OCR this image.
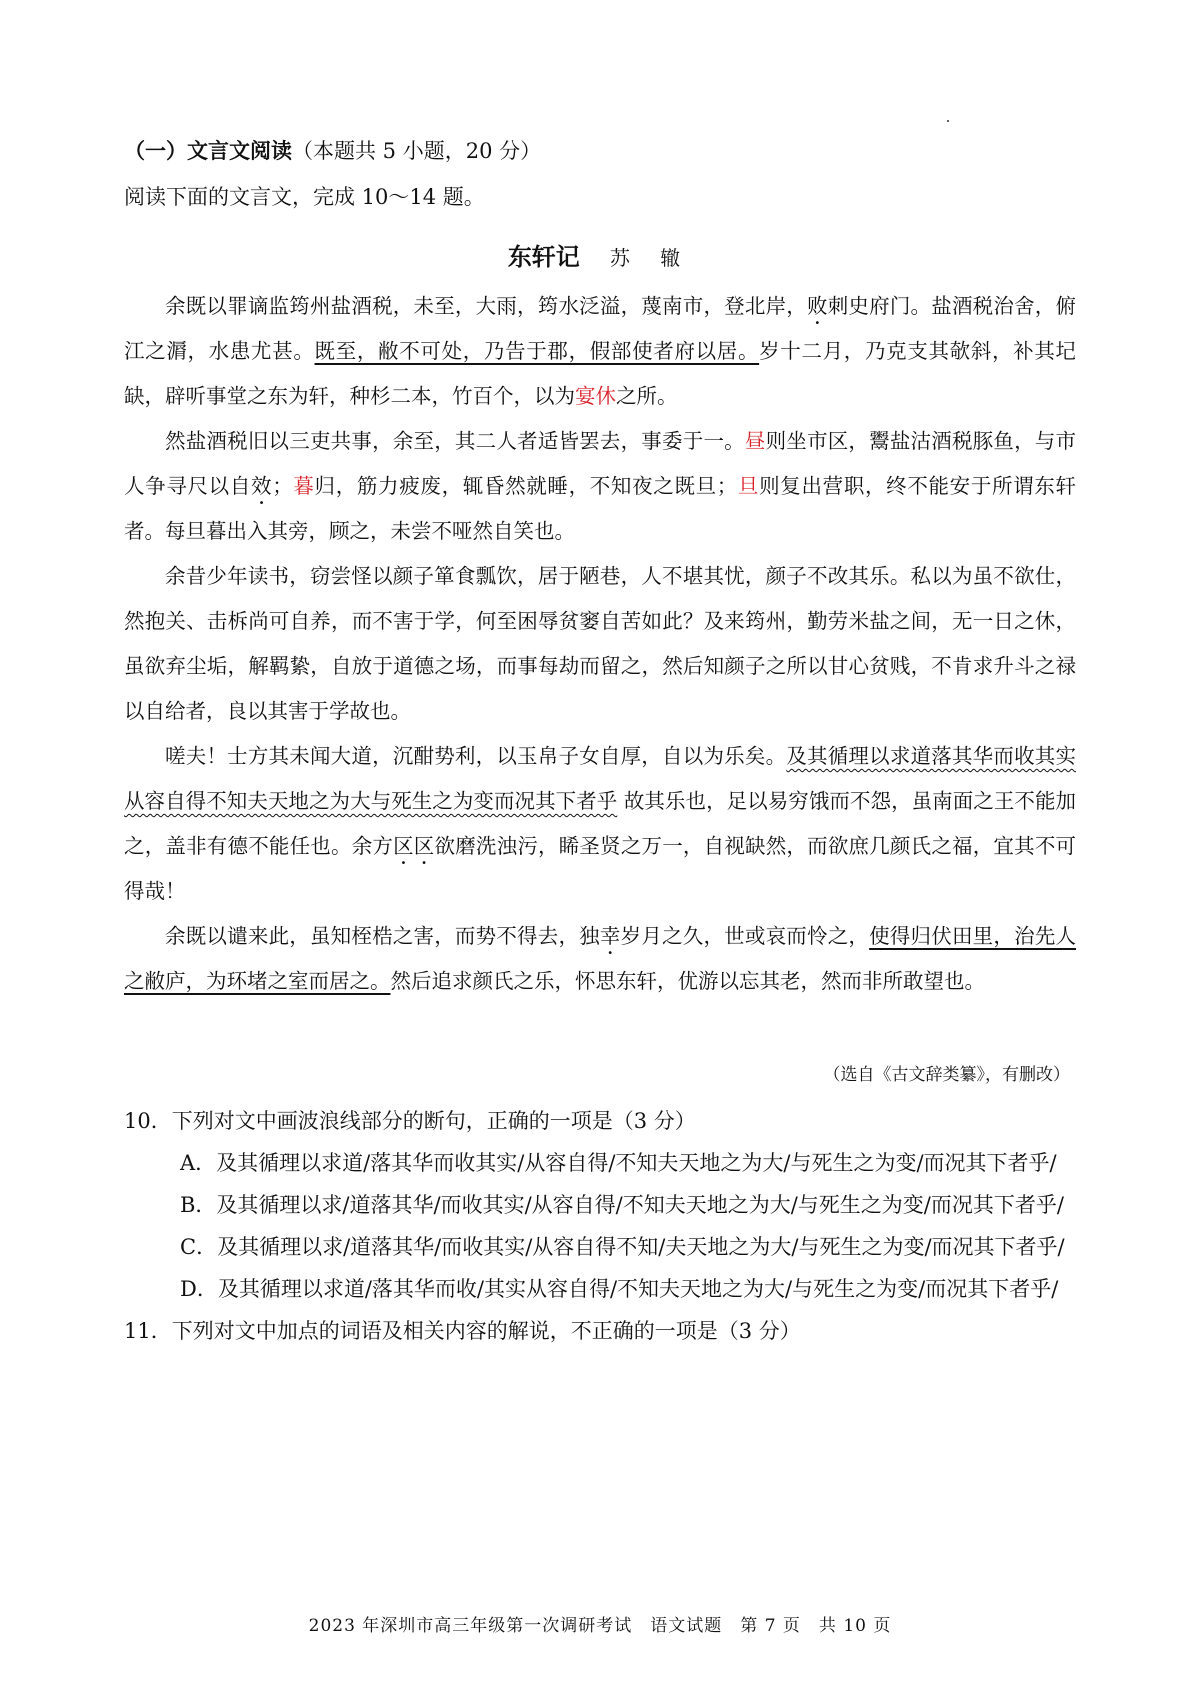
（一）文言文阅读（本题共 5 小题，20 分）
阅读下面的文言文，完成 10～14 题。
东轩记 苏 辙

余既以罪谪监筠州盐酒税，未至，大雨，筠水泛溢，蔑南市，登北岸，败刺史府门。盐酒税治舍，俯江之漘，水患尤甚。既至，敝不可处，乃告于郡，假部使者府以居。岁十二月，乃克支其欹斜，补其圮缺，辟听事堂之东为轩，种杉二本，竹百个，以为宴休之所。

然盐酒税旧以三吏共事，余至，其二人者适皆罢去，事委于一。昼则坐市区，鬻盐沽酒税豚鱼，与市人争寻尺以自效；暮归，筋力疲废，辄昏然就睡，不知夜之既旦；旦则复出营职，终不能安于所谓东轩者。每旦暮出入其旁，顾之，未尝不哑然自笑也。

余昔少年读书，窃尝怪以颜子箪食瓢饮，居于陋巷，人不堪其忧，颜子不改其乐。私以为虽不欲仕，然抱关、击柝尚可自养，而不害于学，何至困辱贫窭自苦如此？及来筠州，勤劳米盐之间，无一日之休，虽欲弃尘垢，解羁絷，自放于道德之场，而事每劫而留之，然后知颜子之所以甘心贫贱，不肯求升斗之禄以自给者，良以其害于学故也。

嗟夫！士方其未闻大道，沉酣势利，以玉帛子女自厚，自以为乐矣。及其循理以求道落其华而收其实从容自得不知夫天地之为大与死生之为变而况其下者乎 故其乐也，足以易穷饿而不怨，虽南面之王不能加之，盖非有德不能任也。余方区区欲磨洗浊污，睎圣贤之万一，自视缺然，而欲庶几颜氏之福，宜其不可得哉！

余既以谴来此，虽知桎梏之害，而势不得去，独幸岁月之久，世或哀而怜之，使得归伏田里，治先人之敝庐，为环堵之室而居之。然后追求颜氏之乐，怀思东轩，优游以忘其老，然而非所敢望也。

（选自《古文辞类纂》，有删改）

10．下列对文中画波浪线部分的断句，正确的一项是（3 分）

A．及其循理以求道/落其华而收其实/从容自得/不知夫天地之为大/与死生之为变/而况其下者乎/

B．及其循理以求/道落其华/而收其实/从容自得/不知夫天地之为大/与死生之为变/而况其下者乎/

C．及其循理以求/道落其华/而收其实/从容自得不知/夫天地之为大/与死生之为变/而况其下者乎/

D．及其循理以求道/落其华而收/其实从容自得/不知夫天地之为大/与死生之为变/而况其下者乎/

11．下列对文中加点的词语及相关内容的解说，不正确的一项是（3 分）

2023 年深圳市高三年级第一次调研考试　语文试题　第 7 页　共 10 页
